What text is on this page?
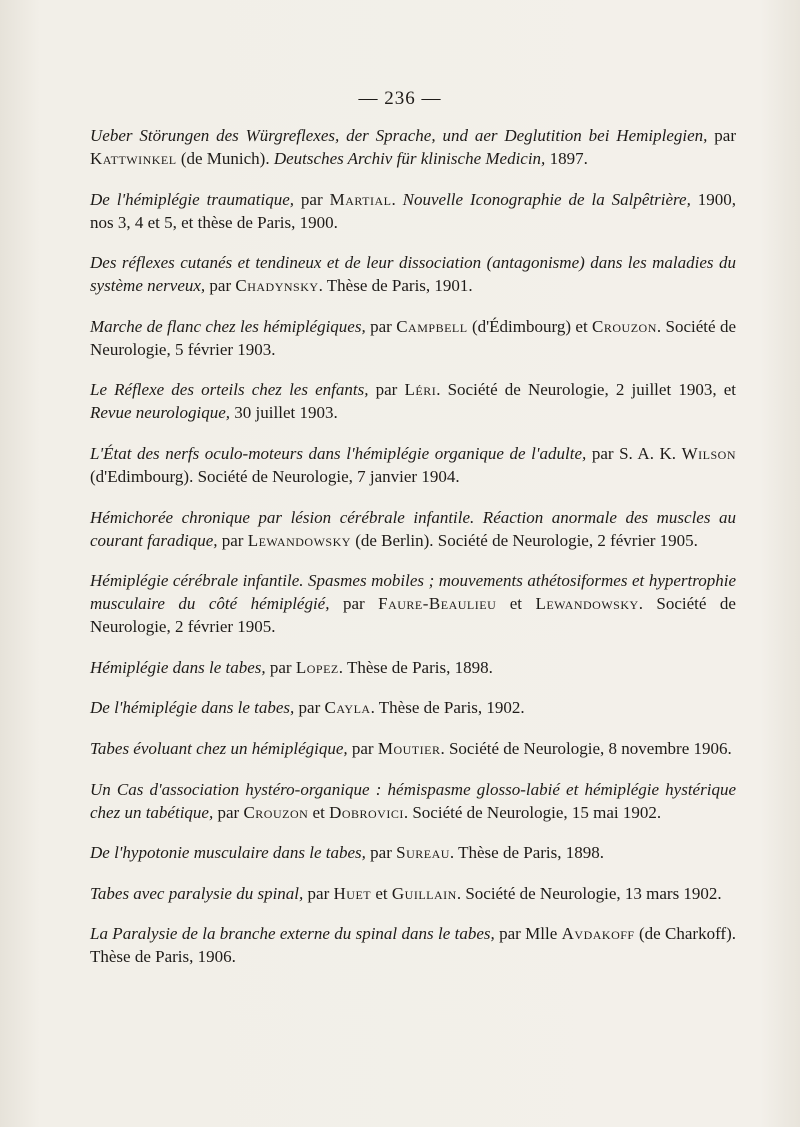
— 236 —

Ueber Störungen des Würgreflexes, der Sprache, und aer Deglutition bei Hemiplegien, par Kattwinkel (de Munich). Deutsches Archiv für klinische Medicin, 1897.

De l'hémiplégie traumatique, par Martial. Nouvelle Iconographie de la Salpêtrière, 1900, nos 3, 4 et 5, et thèse de Paris, 1900.

Des réflexes cutanés et tendineux et de leur dissociation (antagonisme) dans les maladies du système nerveux, par Chadynsky. Thèse de Paris, 1901.

Marche de flanc chez les hémiplégiques, par Campbell (d'Édimbourg) et Crouzon. Société de Neurologie, 5 février 1903.

Le Réflexe des orteils chez les enfants, par Léri. Société de Neurologie, 2 juillet 1903, et Revue neurologique, 30 juillet 1903.

L'État des nerfs oculo-moteurs dans l'hémiplégie organique de l'adulte, par S. A. K. Wilson (d'Edimbourg). Société de Neurologie, 7 janvier 1904.

Hémichorée chronique par lésion cérébrale infantile. Réaction anormale des muscles au courant faradique, par Lewandowsky (de Berlin). Société de Neurologie, 2 février 1905.

Hémiplégie cérébrale infantile. Spasmes mobiles ; mouvements athétosiformes et hypertrophie musculaire du côté hémiplégié, par Faure-Beaulieu et Lewandowsky. Société de Neurologie, 2 février 1905.

Hémiplégie dans le tabes, par Lopez. Thèse de Paris, 1898.

De l'hémiplégie dans le tabes, par Cayla. Thèse de Paris, 1902.

Tabes évoluant chez un hémiplégique, par Moutier. Société de Neurologie, 8 novembre 1906.

Un Cas d'association hystéro-organique : hémispasme glosso-labié et hémiplégie hystérique chez un tabétique, par Crouzon et Dobrovici. Société de Neurologie, 15 mai 1902.

De l'hypotonie musculaire dans le tabes, par Sureau. Thèse de Paris, 1898.

Tabes avec paralysie du spinal, par Huet et Guillain. Société de Neurologie, 13 mars 1902.

La Paralysie de la branche externe du spinal dans le tabes, par Mlle Avdakoff (de Charkoff). Thèse de Paris, 1906.
